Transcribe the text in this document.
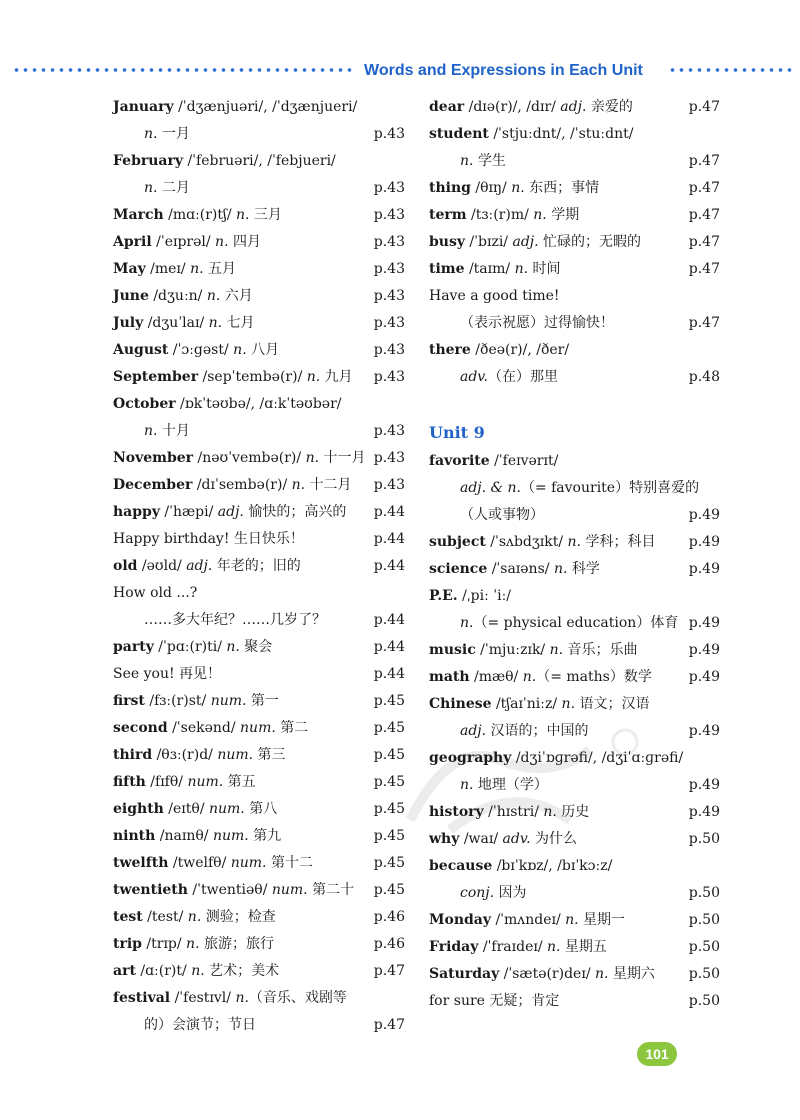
Words and Expressions in Each Unit
January /ˈdʒænjuəri/, /ˈdʒænjueri/
n. 一月	p.43
February /ˈfebruəri/, /ˈfebjueri/
n. 二月	p.43
March /mɑː(r)tʃ/ n. 三月	p.43
April /ˈeɪprəl/ n. 四月	p.43
May /meɪ/ n. 五月	p.43
June /dʒuːn/ n. 六月	p.43
July /dʒuˈlaɪ/ n. 七月	p.43
August /ˈɔːgəst/ n. 八月	p.43
September /sepˈtembə(r)/ n. 九月 p.43
October /ɒkˈtəʊbə/, /ɑːkˈtəʊbər/
n. 十月	p.43
November /nəʊˈvembə(r)/ n. 十一月 p.43
December /dɪˈsembə(r)/ n. 十二月 p.43
happy /ˈhæpi/ adj. 愉快的；高兴的 p.44
Happy birthday! 生日快乐！	p.44
old /əʊld/ adj. 年老的；旧的	p.44
How old ...?
……多大年纪？……几岁了？	p.44
party /ˈpɑː(r)ti/ n. 聚会	p.44
See you! 再见！	p.44
first /fɜː(r)st/ num. 第一	p.45
second /ˈsekənd/ num. 第二	p.45
third /θɜː(r)d/ num. 第三	p.45
fifth /fɪfθ/ num. 第五	p.45
eighth /eɪtθ/ num. 第八	p.45
ninth /naɪnθ/ num. 第九	p.45
twelfth /twelfθ/ num. 第十二	p.45
twentieth /ˈtwentiəθ/ num. 第二十 p.45
test /test/ n. 测验；检查	p.46
trip /trɪp/ n. 旅游；旅行	p.46
art /ɑː(r)t/ n. 艺术；美术	p.47
festival /ˈfestɪvl/ n.（音乐、戏剧等
的）会演节；节日	p.47
dear /dɪə(r)/, /dɪr/ adj. 亲爱的	p.47
student /ˈstjuːdnt/, /ˈstuːdnt/
n. 学生	p.47
thing /θɪŋ/ n. 东西；事情	p.47
term /tɜː(r)m/ n. 学期	p.47
busy /ˈbɪzi/ adj. 忙碌的；无暇的	p.47
time /taɪm/ n. 时间	p.47
Have a good time!
（表示祝愿）过得愉快！	p.47
there /ðeə(r)/, /ðer/
adv.（在）那里	p.48
Unit 9
favorite /ˈfeɪvərɪt/
adj. & n.（= favourite）特别喜爱的
（人或事物）	p.49
subject /ˈsʌbdʒɪkt/ n. 学科；科目 p.49
science /ˈsaɪəns/ n. 科学	p.49
P.E. /ˌpiː ˈiː/
n.（= physical education）体育 p.49
music /ˈmjuːzɪk/ n. 音乐；乐曲	p.49
math /mæθ/ n.（= maths）数学	p.49
Chinese /tʃaɪˈniːz/ n. 语文；汉语
adj. 汉语的；中国的	p.49
geography /dʒiˈɒɡrəfi/, /dʒiˈɑːɡrəfi/
n. 地理（学）	p.49
history /ˈhɪstri/ n. 历史	p.49
why /waɪ/ adv. 为什么	p.50
because /bɪˈkɒz/, /bɪˈkɔːz/
conj. 因为	p.50
Monday /ˈmʌndeɪ/ n. 星期一	p.50
Friday /ˈfraɪdeɪ/ n. 星期五	p.50
Saturday /ˈsætə(r)deɪ/ n. 星期六 p.50
for sure 无疑；肯定	p.50
101
